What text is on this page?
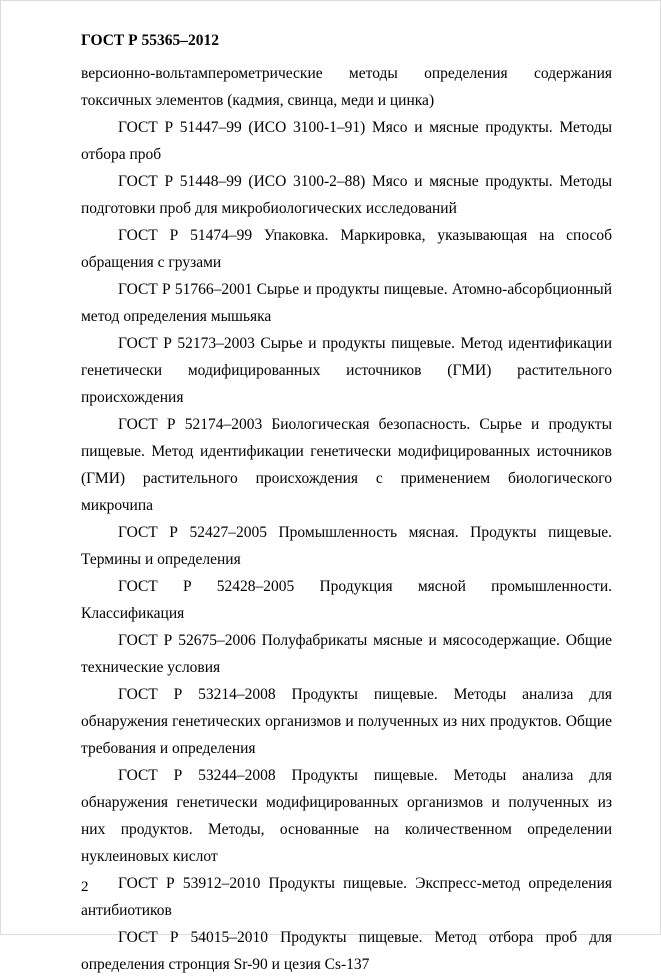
ГОСТ Р 55365–2012

версионно-вольтамперометрические методы определения содержания токсичных элементов (кадмия, свинца, меди и цинка)

ГОСТ Р 51447–99 (ИСО 3100-1–91) Мясо и мясные продукты. Методы отбора проб

ГОСТ Р 51448–99 (ИСО 3100-2–88) Мясо и мясные продукты. Методы подготовки проб для микробиологических исследований

ГОСТ Р 51474–99 Упаковка. Маркировка, указывающая на способ обращения с грузами

ГОСТ Р 51766–2001 Сырье и продукты пищевые. Атомно-абсорбционный метод определения мышьяка

ГОСТ Р 52173–2003 Сырье и продукты пищевые. Метод идентификации генетически модифицированных источников (ГМИ) растительного происхождения

ГОСТ Р 52174–2003 Биологическая безопасность. Сырье и продукты пищевые. Метод идентификации генетически модифицированных источников (ГМИ) растительного происхождения с применением биологического микрочипа

ГОСТ Р 52427–2005 Промышленность мясная. Продукты пищевые. Термины и определения

ГОСТ Р 52428–2005 Продукция мясной промышленности. Классификация

ГОСТ Р 52675–2006 Полуфабрикаты мясные и мясосодержащие. Общие технические условия

ГОСТ Р 53214–2008 Продукты пищевые. Методы анализа для обнаружения генетических организмов и полученных из них продуктов. Общие требования и определения

ГОСТ Р 53244–2008 Продукты пищевые. Методы анализа для обнаружения генетически модифицированных организмов и полученных из них продуктов. Методы, основанные на количественном определении нуклеиновых кислот

ГОСТ Р 53912–2010 Продукты пищевые. Экспресс-метод определения антибиотиков

ГОСТ Р 54015–2010 Продукты пищевые. Метод отбора проб для определения стронция Sr-90 и цезия Cs-137

2
